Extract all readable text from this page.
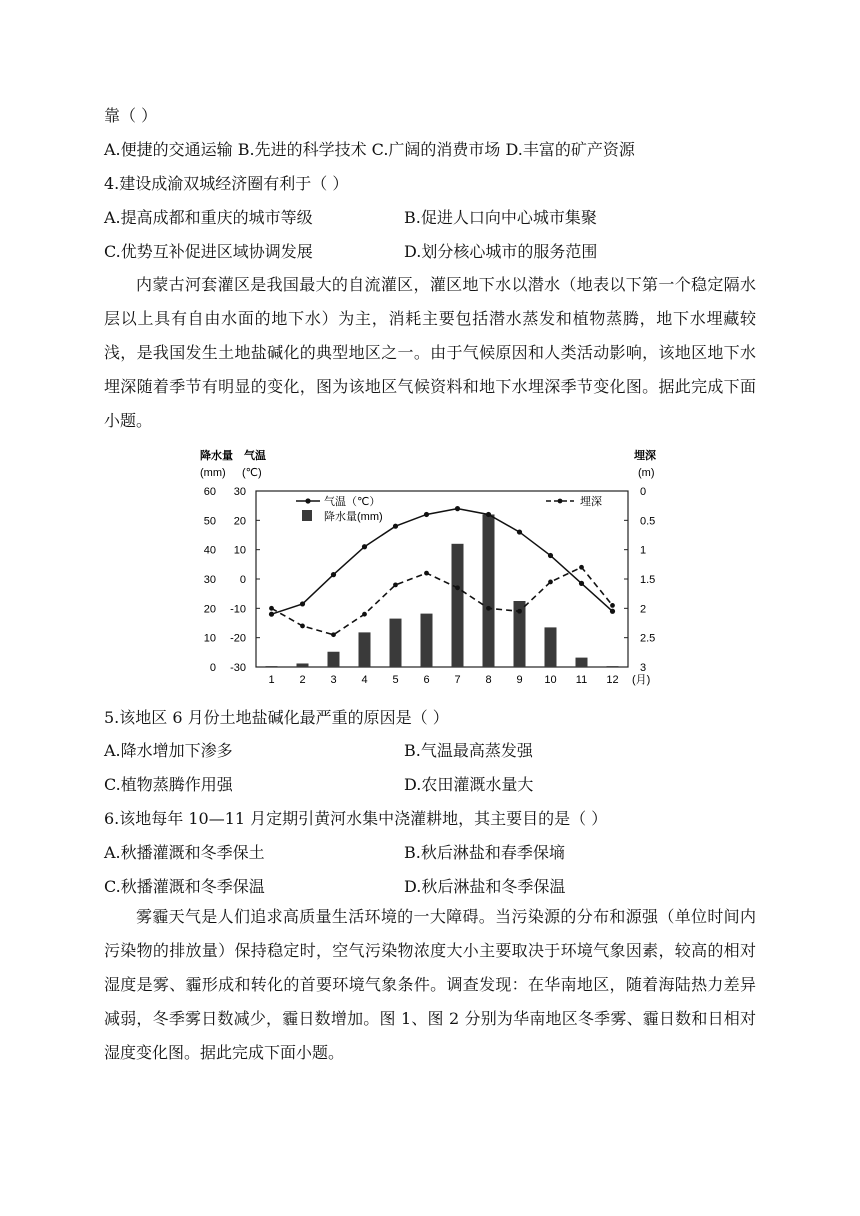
靠（ ）
A.便捷的交通运输 B.先进的科学技术 C.广阔的消费市场 D.丰富的矿产资源
4.建设成渝双城经济圈有利于（ ）
A.提高成都和重庆的城市等级	B.促进人口向中心城市集聚
C.优势互补促进区域协调发展	D.划分核心城市的服务范围
内蒙古河套灌区是我国最大的自流灌区，灌区地下水以潜水（地表以下第一个稳定隔水层以上具有自由水面的地下水）为主，消耗主要包括潜水蒸发和植物蒸腾，地下水埋藏较浅，是我国发生土地盐碱化的典型地区之一。由于气候原因和人类活动影响，该地区地下水埋深随着季节有明显的变化，图为该地区气候资料和地下水埋深季节变化图。据此完成下面小题。
60
50
40
30
20
10
0
30
20
10
0
-10
-20
-30
0
0.5
1
1.5
2
2.5
3
降水量 气温
(mm) (℃)
埋深
(m)
1 2 3 4 5 6 7 8 9 10 11 12 (月)
气温（℃）
降水量(mm)
埋深
5.该地区 6 月份土地盐碱化最严重的原因是（ ）
A.降水增加下渗多	B.气温最高蒸发强
C.植物蒸腾作用强	D.农田灌溉水量大
6.该地每年 10—11 月定期引黄河水集中浇灌耕地，其主要目的是（ ）
A.秋播灌溉和冬季保土	B.秋后淋盐和春季保墒
C.秋播灌溉和冬季保温	D.秋后淋盐和冬季保温
雾霾天气是人们追求高质量生活环境的一大障碍。当污染源的分布和源强（单位时间内污染物的排放量）保持稳定时，空气污染物浓度大小主要取决于环境气象因素，较高的相对湿度是雾、霾形成和转化的首要环境气象条件。调查发现：在华南地区，随着海陆热力差异减弱，冬季雾日数减少，霾日数增加。图 1、图 2 分别为华南地区冬季雾、霾日数和日相对湿度变化图。据此完成下面小题。
